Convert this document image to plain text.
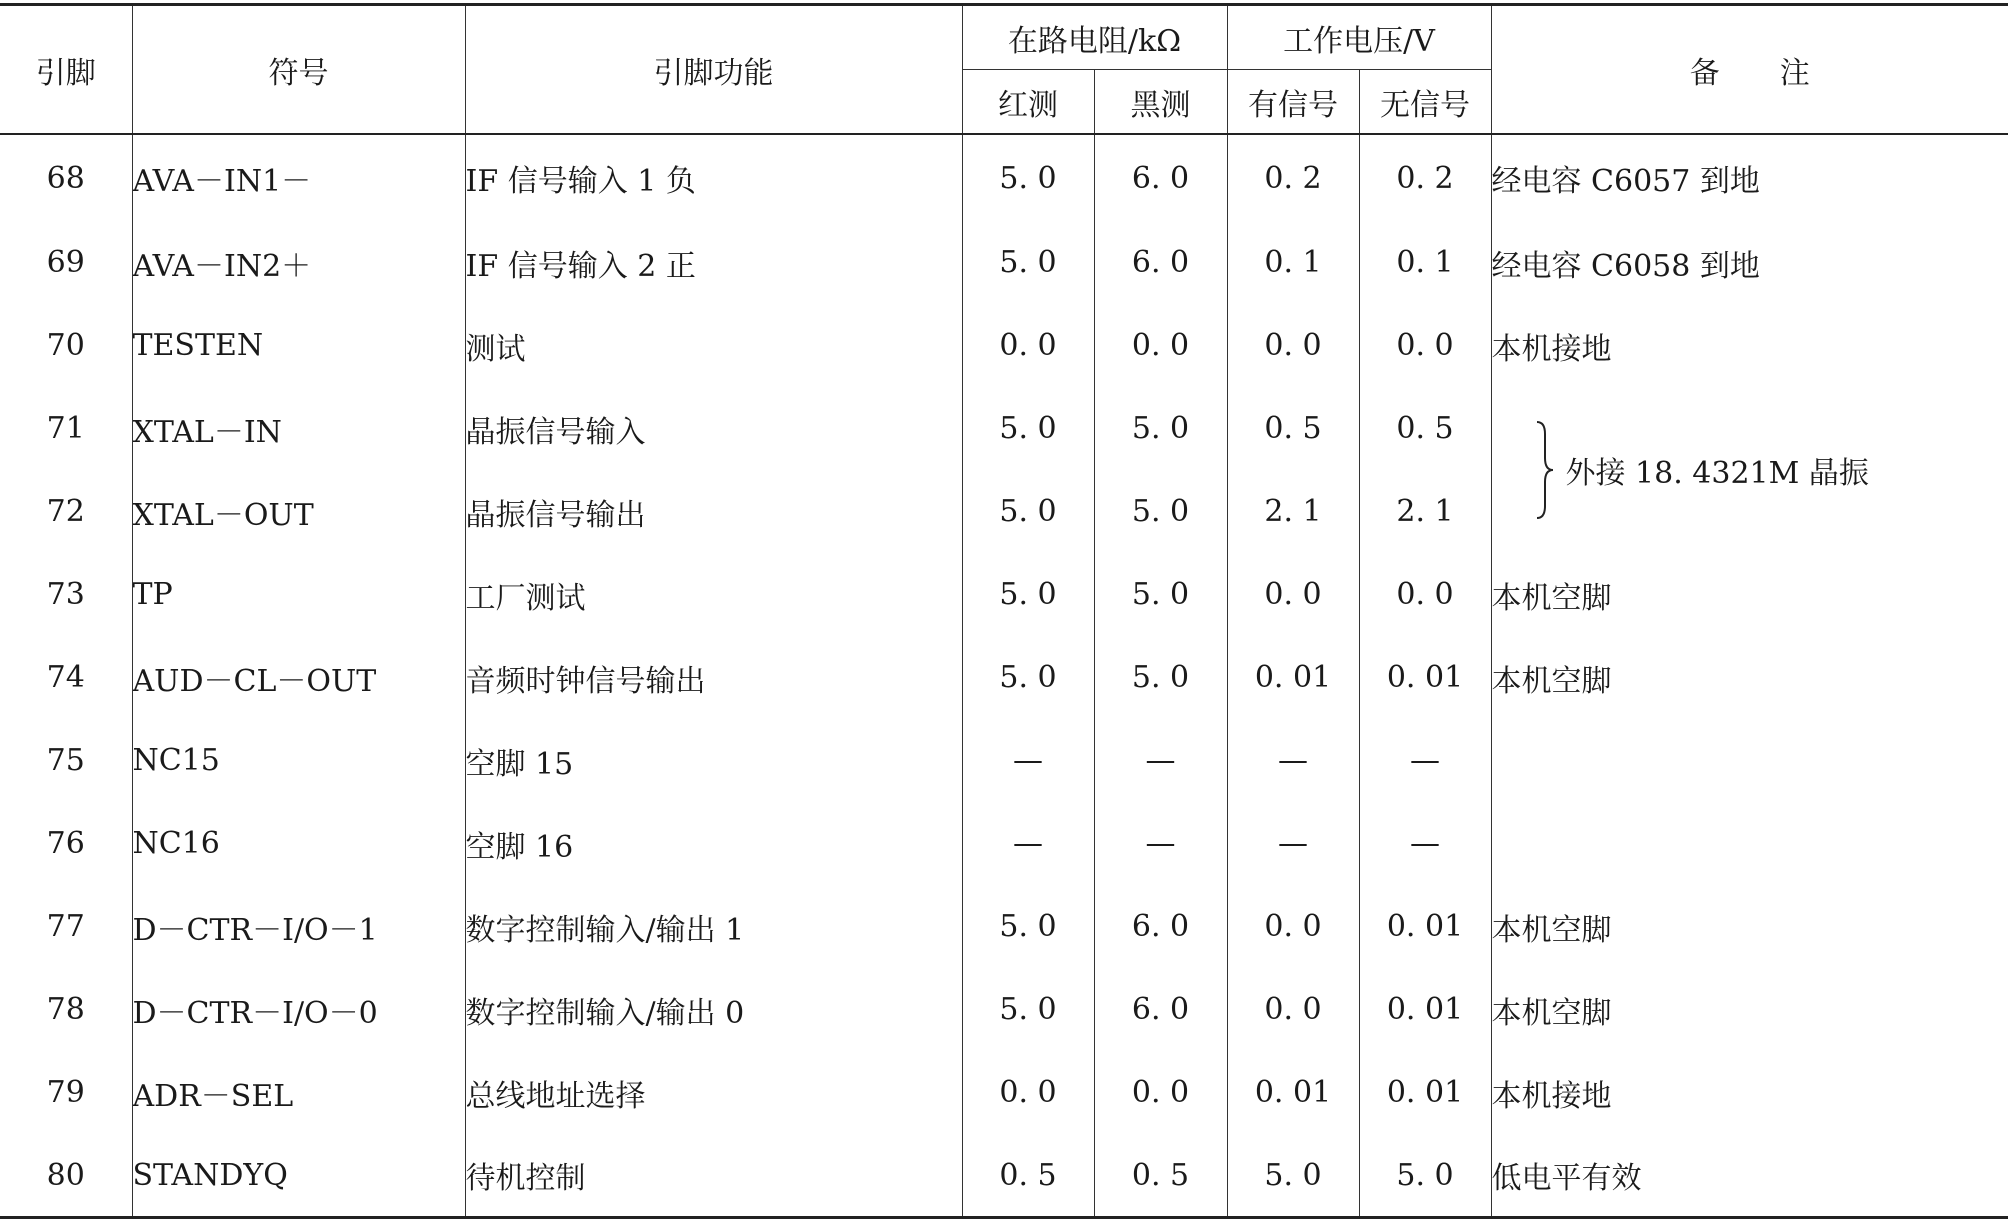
引脚	符号	引脚功能	在路电阻/kΩ		工作电压/V		备　　注
			红测	黑测	有信号	无信号	
68	AVA－IN1－	IF 信号输入 1 负	5. 0	6. 0	0. 2	0. 2	经电容 C6057 到地
69	AVA－IN2＋	IF 信号输入 2 正	5. 0	6. 0	0. 1	0. 1	经电容 C6058 到地
70	TESTEN	测试	0. 0	0. 0	0. 0	0. 0	本机接地
71	XTAL－IN	晶振信号输入	5. 0	5. 0	0. 5	0. 5	外接 18. 4321M 晶振

72	XTAL－OUT	晶振信号输出	5. 0	5. 0	2. 1	2. 1	
73	TP	工厂测试	5. 0	5. 0	0. 0	0. 0	本机空脚
74	AUD－CL－OUT	音频时钟信号输出	5. 0	5. 0	0. 01	0. 01	本机空脚
75	NC15	空脚 15	—	—	—	—	
76	NC16	空脚 16	—	—	—	—	
77	D－CTR－I/O－1	数字控制输入/输出 1	5. 0	6. 0	0. 0	0. 01	本机空脚
78	D－CTR－I/O－0	数字控制输入/输出 0	5. 0	6. 0	0. 0	0. 01	本机空脚
79	ADR－SEL	总线地址选择	0. 0	0. 0	0. 01	0. 01	本机接地
80	STANDYQ	待机控制	0. 5	0. 5	5. 0	5. 0	低电平有效
